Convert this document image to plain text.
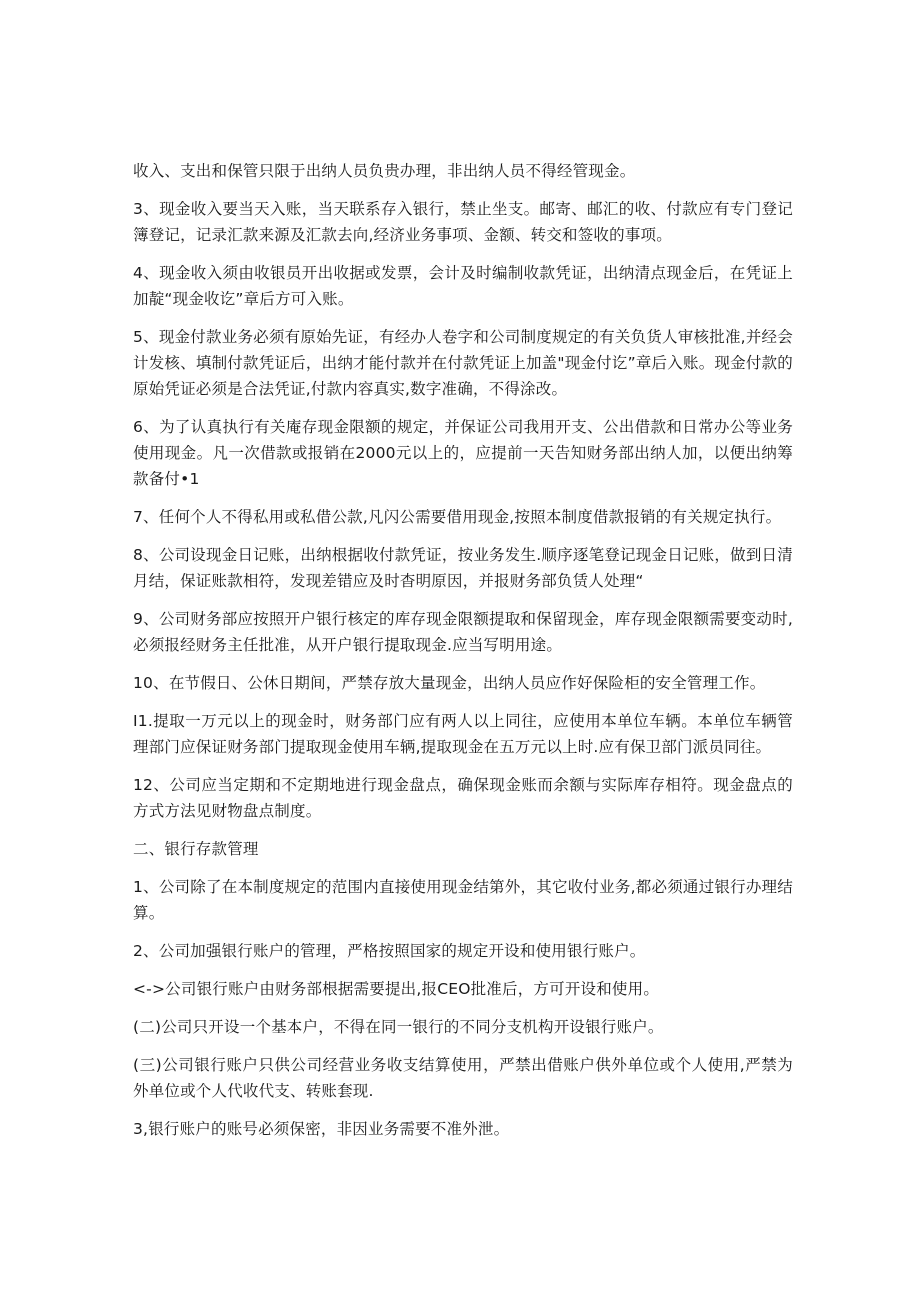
收入、支出和保管只限于出纳人员负贵办理，非出纳人员不得经管现金。

3、现金收入要当天入账，当天联系存入银行，禁止坐支。邮寄、邮汇的收、付款应有专门登记簿登记，记录汇款来源及汇款去向,经济业务事项、金额、转交和签收的事项。

4、现金收入须由收银员开出收据或发票，会计及时编制收款凭证，出纳清点现金后，在凭证上加靛“现金收讫”章后方可入账。

5、现金付款业务必须有原始先证，有经办人卷字和公司制度规定的有关负货人审核批准,并经会计发核、填制付款凭证后，出纳才能付款并在付款凭证上加盖"现金付讫”章后入账。现金付款的原始凭证必须是合法凭证,付款内容真实,数字准确，不得涂改。

6、为了认真执行有关庵存现金限额的规定，并保证公司我用开支、公出借款和日常办公等业务使用现金。凡一次借款或报销在2000元以上的，应提前一天告知财务部出纳人加，以便出纳筹款备付•1

7、任何个人不得私用或私借公款,凡闪公需要借用现金,按照本制度借款报销的有关规定执行。

8、公司设现金日记账，出纳根据收付款凭证，按业务发生.顺序逐笔登记现金日记账，做到日清月结，保证账款相符，发现差错应及时杳明原因，并报财务部负赁人处理“

9、公司财务部应按照开户银行核定的库存现金限额提取和保留现金，库存现金限额需要变动时,必须报经财务主任批准，从开户银行提取现金.应当写明用途。

10、在节假日、公休日期间，严禁存放大量现金，出纳人员应作好保险柜的安全管理工作。

I1.提取一万元以上的现金时，财务部门应有两人以上同往，应使用本单位车辆。本单位车辆管理部门应保证财务部门提取现金使用车辆,提取现金在五万元以上时.应有保卫部门派员同往。

12、公司应当定期和不定期地进行现金盘点，确保现金账而余额与实际库存相符。现金盘点的方式方法见财物盘点制度。

二、银行存款管理

1、公司除了在本制度规定的范围内直接使用现金结第外，其它收付业务,都必须通过银行办理结算。

2、公司加强银行账户的管理，严格按照国家的规定开设和使用银行账户。

<->公司银行账户由财务部根据需要提出,报CEO批准后，方可开设和使用。

(二)公司只开设一个基本户，不得在同一银行的不同分支机构开设银行账户。

(三)公司银行账户只供公司经营业务收支结算使用，严禁出借账户供外单位或个人使用,严禁为外单位或个人代收代支、转账套现.

3,银行账户的账号必须保密，非因业务需要不准外泄。
